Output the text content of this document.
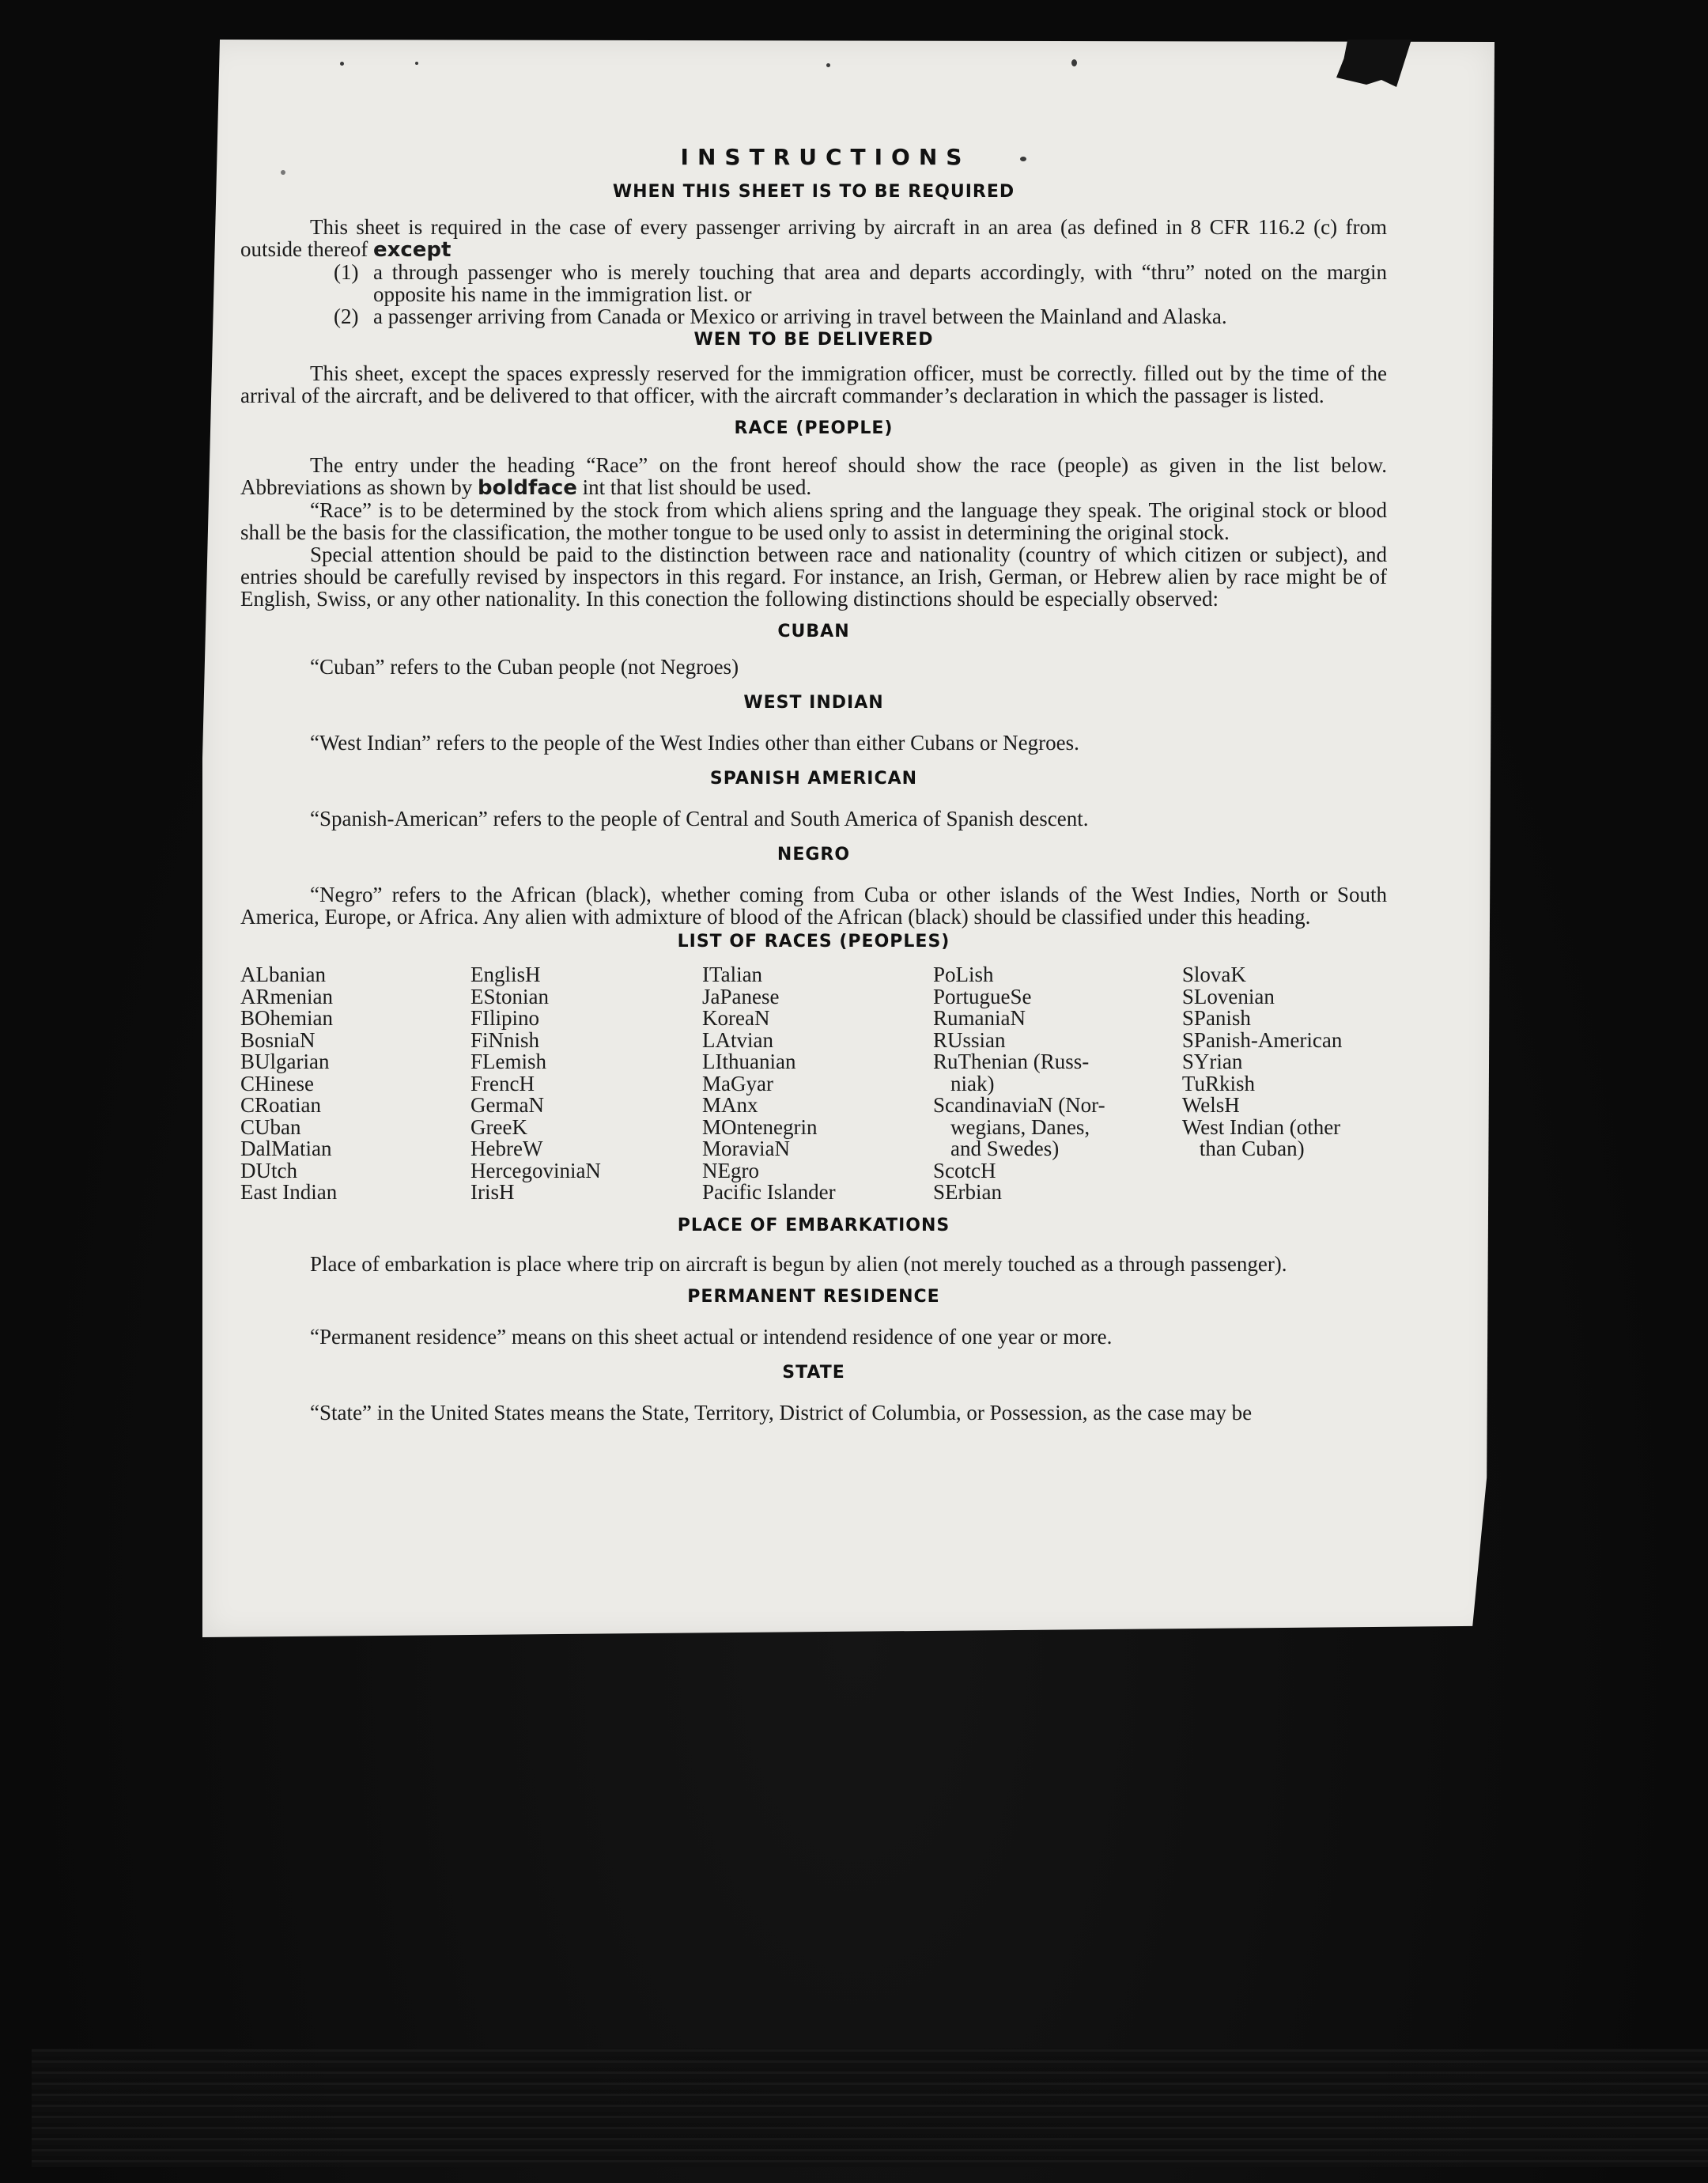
INSTRUCTIONS
WHEN THIS SHEET IS TO BE REQUIRED
This sheet is required in the case of every passenger arriving by aircraft in an area (as defined in 8 CFR 116.2 (c) from outside thereof except
(1) a through passenger who is merely touching that area and departs accordingly, with “thru” noted on the margin opposite his name in the immigration list. or
(2) a passenger arriving from Canada or Mexico or arriving in travel between the Mainland and Alaska.
WEN TO BE DELIVERED
This sheet, except the spaces expressly reserved for the immigration officer, must be correctly. filled out by the time of the arrival of the aircraft, and be delivered to that officer, with the aircraft commander’s declaration in which the passager is listed.
RACE (PEOPLE)
The entry under the heading “Race” on the front hereof should show the race (people) as given in the list below. Abbreviations as shown by boldface int that list should be used.
“Race” is to be determined by the stock from which aliens spring and the language they speak. The original stock or blood shall be the basis for the classification, the mother tongue to be used only to assist in determining the original stock.
Special attention should be paid to the distinction between race and nationality (country of which citizen or subject), and entries should be carefully revised by inspectors in this regard. For instance, an Irish, German, or Hebrew alien by race might be of English, Swiss, or any other nationality. In this conection the following distinctions should be especially observed:
CUBAN
“Cuban” refers to the Cuban people (not Negroes)
WEST INDIAN
“West Indian” refers to the people of the West Indies other than either Cubans or Negroes.
SPANISH AMERICAN
“Spanish-American” refers to the people of Central and South America of Spanish descent.
NEGRO
“Negro” refers to the African (black), whether coming from Cuba or other islands of the West Indies, North or South America, Europe, or Africa. Any alien with admixture of blood of the African (black) should be classified under this heading.
LIST OF RACES (PEOPLES)
ALbanian
ARmenian
BOhemian
BosniaN
BUlgarian
CHinese
CRoatian
CUban
DalMatian
DUtch
East Indian
EnglisH
EStonian
FIlipino
FiNnish
FLemish
FrencH
GermaN
GreeK
HebreW
HercegoviniaN
IrisH
ITalian
JaPanese
KoreaN
LAtvian
LIthuanian
MaGyar
MAnx
MOntenegrin
MoraviaN
NEgro
Pacific Islander
PoLish
PortugueSe
RumaniaN
RUssian
RuThenian (Russ-
niak)
ScandinaviaN (Nor-
wegians, Danes,
and Swedes)
ScotcH
SErbian
SlovaK
SLovenian
SPanish
SPanish-American
SYrian
TuRkish
WelsH
West Indian (other
than Cuban)
PLACE OF EMBARKATIONS
Place of embarkation is place where trip on aircraft is begun by alien (not merely touched as a through passenger).
PERMANENT RESIDENCE
“Permanent residence” means on this sheet actual or intendend residence of one year or more.
STATE
“State” in the United States means the State, Territory, District of Columbia, or Possession, as the case may be
